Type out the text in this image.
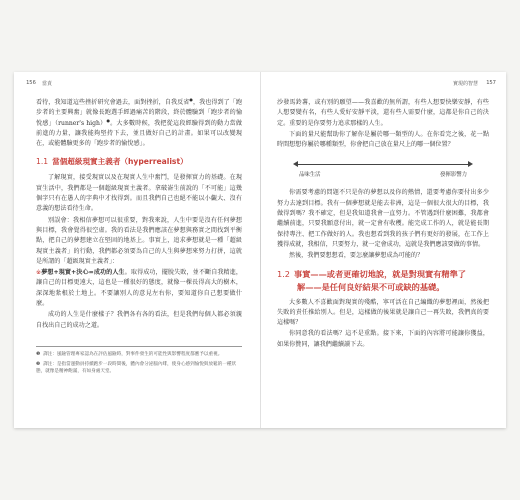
156 當責

看待，我知道這些挫折研究會過去，面對挫折，自我反省●，我也得到了「跑步者的主要興奮」就像長跑選手經過痛苦的階段，終於體驗到「跑步者的愉悅感」（runner's high）●。大多數時候，我把從這段經驗得到的動力當做前進的力量，讓我能夠堅持下去，並且做好自己的計畫。如果可以改變現在，或能體驗更多的「跑步者的愉悅感」。

1.1 當個超級現實主義者（hyperrealist）

了解現實，接受現實以及在現實人生中奮鬥，是發揮實力的基礎。在現實生活中，我們都是一個超級現實主義者。拿破崙生前說的「不可能」這幾個字只有在愚人的字典中才找得到。而且我們自己也絕不能以小覷大、沒有意義的想法看待生命。

別誤會：我相信夢想可以很重要，對我來說，人生中要是沒有任何夢想與目標，我會覺得很空虛。我的看法是我們應該在夢想與務實之間找到平衡點，把自己的夢想建立在堅固的地基上。事實上，追求夢想就是一種「超級現實主義者」的行動，我們都必須要為自己的人生與夢想來努力打拼，這就是所謂的「超級現實主義者」：

※夢想+現實+決心=成功的人生。取得成功，擺脫失敗，並不斷自我精進，讓自己的目標更遠大，這也是一種很好的態度，就像一棵長得高大的樹木，深深地紮根於土地上。不要讓別人的意見左右你，要知道你自己想要做什麼。

成功的人生是什麼樣子？我們各有各的看法，但是我們每個人都必須親自找出自己的成功之道。

❶ 譯注：風險管理專家認為在評估風險時，對事件發生的可能性與影響程度都應予以重視。

❷ 譯注：是指當運動員持續跑步一段時間後，體內會分泌腦內啡，使身心感到愉悅與放鬆的一種狀態，就像是精神飽滿，有如身處天堂。

實現的智慧 157

沙發馬鈴薯，或有別的願望——我喜歡的無所謂，有些人想要快樂安靜，有些人想要變有名，有些人愛好安靜平淡，還有些人需要什麼，這都是你自己的決定。重要的是你要努力追求那樣的人生。

下面的量尺能幫助你了解你是屬於哪一類型的人。在你看完之後，花一點時間想想你屬於哪種類型，你會把自己放在量尺上的哪一個位置？

品味生活	發揮影響力

你需要考慮的問題不只是你的夢想以及你的熱情，還要考慮你要付出多少努力去達到目標。我有一個夢想就是能去非洲，這是一個很大很大的目標，我做得到嗎？我不確定，但是我知道我會一直努力。不管遇到什麼困難，我都會繼續前進，只要我願意付出，就一定會有收穫。能完成工作的人，就是能長期保持專注、把工作做好的人。我也想看到我的孩子們有更好的發展，在工作上獲得成就，我相信，只要努力，就一定會成功，這就是我們應該要做的事情。

然後，我們要想想看，要怎麼讓夢想成為可能的？

1.2 事實——或者更確切地說，就是對現實有精準了
解——是任何良好結果不可或缺的基礎。

大多數人不喜歡面對現實的殘酷，寧可活在自己編織的夢想裡面，然後把失敗的責任推給別人。但是，這樣做的後果就是讓自己一再失敗，我們真的要這樣嗎？

你同意我的看法嗎？這不是重點。接下來，下面的內容將可能讓你獲益，如果你贊同，讓我們繼續讀下去。
